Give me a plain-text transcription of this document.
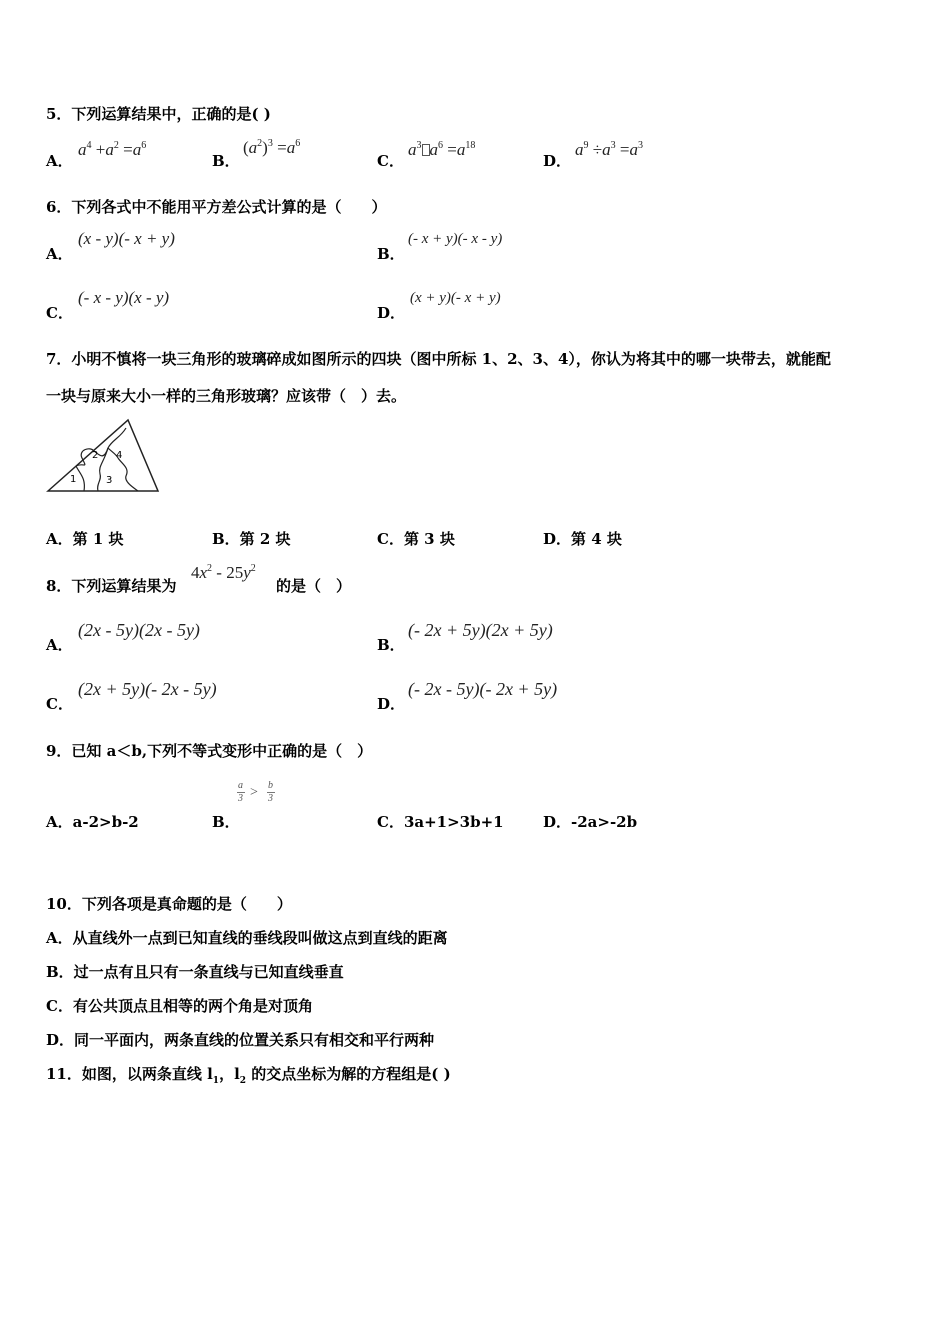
5．下列运算结果中，正确的是( )
A．
$a^4 +a^2 =a^6$
B．
$(a^2)^3 =a^6$
C．
$a^3$ $a^6 =a^{18}$
D．
$a^9 \div a^3 =a^3$
6．下列各式中不能用平方差公式计算的是（　　）
A．
(x - y)(- x + y)
B．
(- x + y)(- x - y)
C．
(- x - y)(x - y)
D．
(x + y)(- x + y)
7．小明不慎将一块三角形的玻璃碎成如图所示的四块（图中所标 1、2、3、4），你认为将其中的哪一块带去，就能配
一块与原来大小一样的三角形玻璃？应该带（　）去。
1
2
3
4
A．第 1 块	B．第 2 块	C．第 3 块	D．第 4 块
8．下列运算结果为
$4x^2 - 25y^2$
的是（　）
A．
(2x - 5y)(2x - 5y)
B．
(- 2x + 5y)(2x + 5y)
C．
(2x + 5y)(- 2x - 5y)
D．
(- 2x - 5y)(- 2x + 5y)
9．已知 a＜b,下列不等式变形中正确的是（　）
A．a-2>b-2	B．
a
3 > b
3
C．3a+1>3b+1	D．-2a>-2b
10．下列各项是真命题的是（　　）
A．从直线外一点到已知直线的垂线段叫做这点到直线的距离
B．过一点有且只有一条直线与已知直线垂直
C．有公共顶点且相等的两个角是对顶角
D．同一平面内，两条直线的位置关系只有相交和平行两种
11．如图，以两条直线 $l_1$，$l_2$ 的交点坐标为解的方程组是( )
